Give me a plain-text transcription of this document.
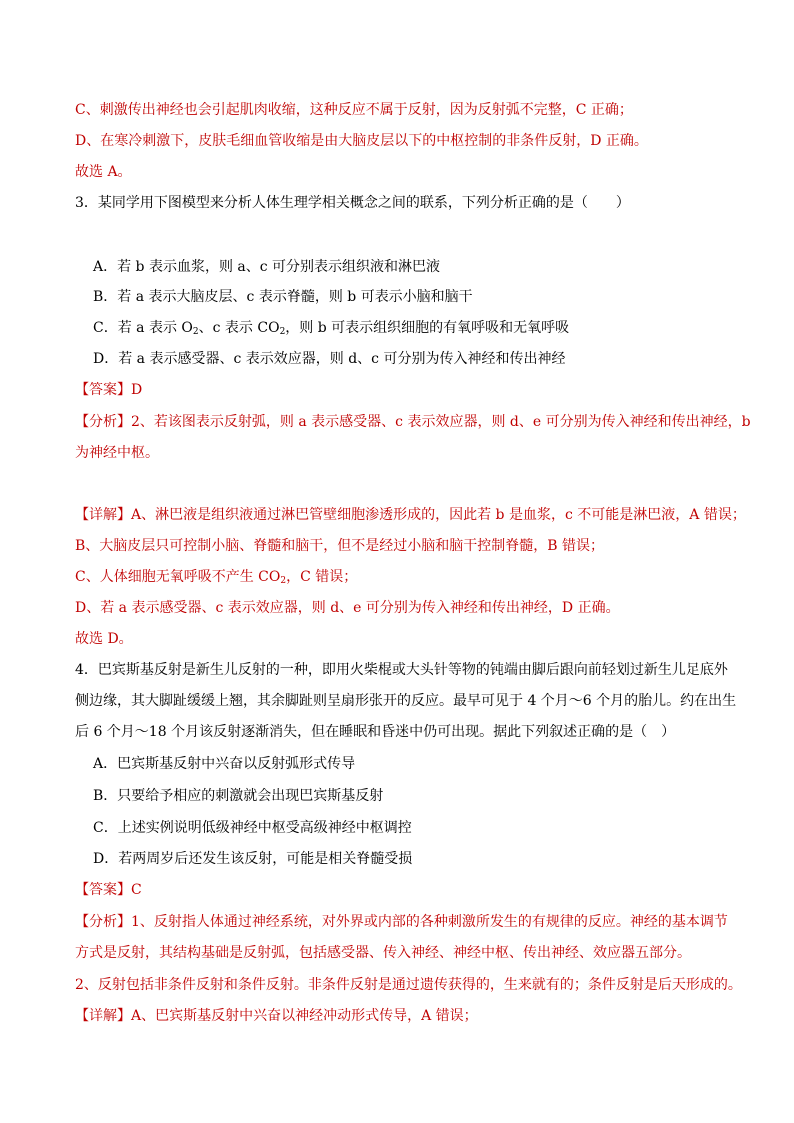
C、刺激传出神经也会引起肌肉收缩，这种反应不属于反射，因为反射弧不完整，C 正确；
D、在寒冷刺激下，皮肤毛细血管收缩是由大脑皮层以下的中枢控制的非条件反射，D 正确。
故选 A。
3．某同学用下图模型来分析人体生理学相关概念之间的联系，下列分析正确的是（　　）
A．若 b 表示血浆，则 a、c 可分别表示组织液和淋巴液
B．若 a 表示大脑皮层、c 表示脊髓，则 b 可表示小脑和脑干
C．若 a 表示 $O_2$、c 表示 $CO_2$，则 b 可表示组织细胞的有氧呼吸和无氧呼吸
D．若 a 表示感受器、c 表示效应器，则 d、c 可分别为传入神经和传出神经
【答案】D
【分析】2、若该图表示反射弧，则 a 表示感受器、c 表示效应器，则 d、e 可分别为传入神经和传出神经，b
为神经中枢。
【详解】A、淋巴液是组织液通过淋巴管壁细胞渗透形成的，因此若 b 是血浆，c 不可能是淋巴液，A 错误；
B、大脑皮层只可控制小脑、脊髓和脑干，但不是经过小脑和脑干控制脊髓，B 错误；
C、人体细胞无氧呼吸不产生 $CO_2$，C 错误；
D、若 a 表示感受器、c 表示效应器，则 d、e 可分别为传入神经和传出神经，D 正确。
故选 D。
4．巴宾斯基反射是新生儿反射的一种，即用火柴棍或大头针等物的钝端由脚后跟向前轻划过新生儿足底外
侧边缘，其大脚趾缓缓上翘，其余脚趾则呈扇形张开的反应。最早可见于 4 个月～6 个月的胎儿。约在出生
后 6 个月～18 个月该反射逐渐消失，但在睡眠和昏迷中仍可出现。据此下列叙述正确的是（　）
A．巴宾斯基反射中兴奋以反射弧形式传导
B．只要给予相应的刺激就会出现巴宾斯基反射
C．上述实例说明低级神经中枢受高级神经中枢调控
D．若两周岁后还发生该反射，可能是相关脊髓受损
【答案】C
【分析】1、反射指人体通过神经系统，对外界或内部的各种刺激所发生的有规律的反应。神经的基本调节
方式是反射，其结构基础是反射弧，包括感受器、传入神经、神经中枢、传出神经、效应器五部分。
2、反射包括非条件反射和条件反射。非条件反射是通过遗传获得的，生来就有的；条件反射是后天形成的。
【详解】A、巴宾斯基反射中兴奋以神经冲动形式传导，A 错误；
